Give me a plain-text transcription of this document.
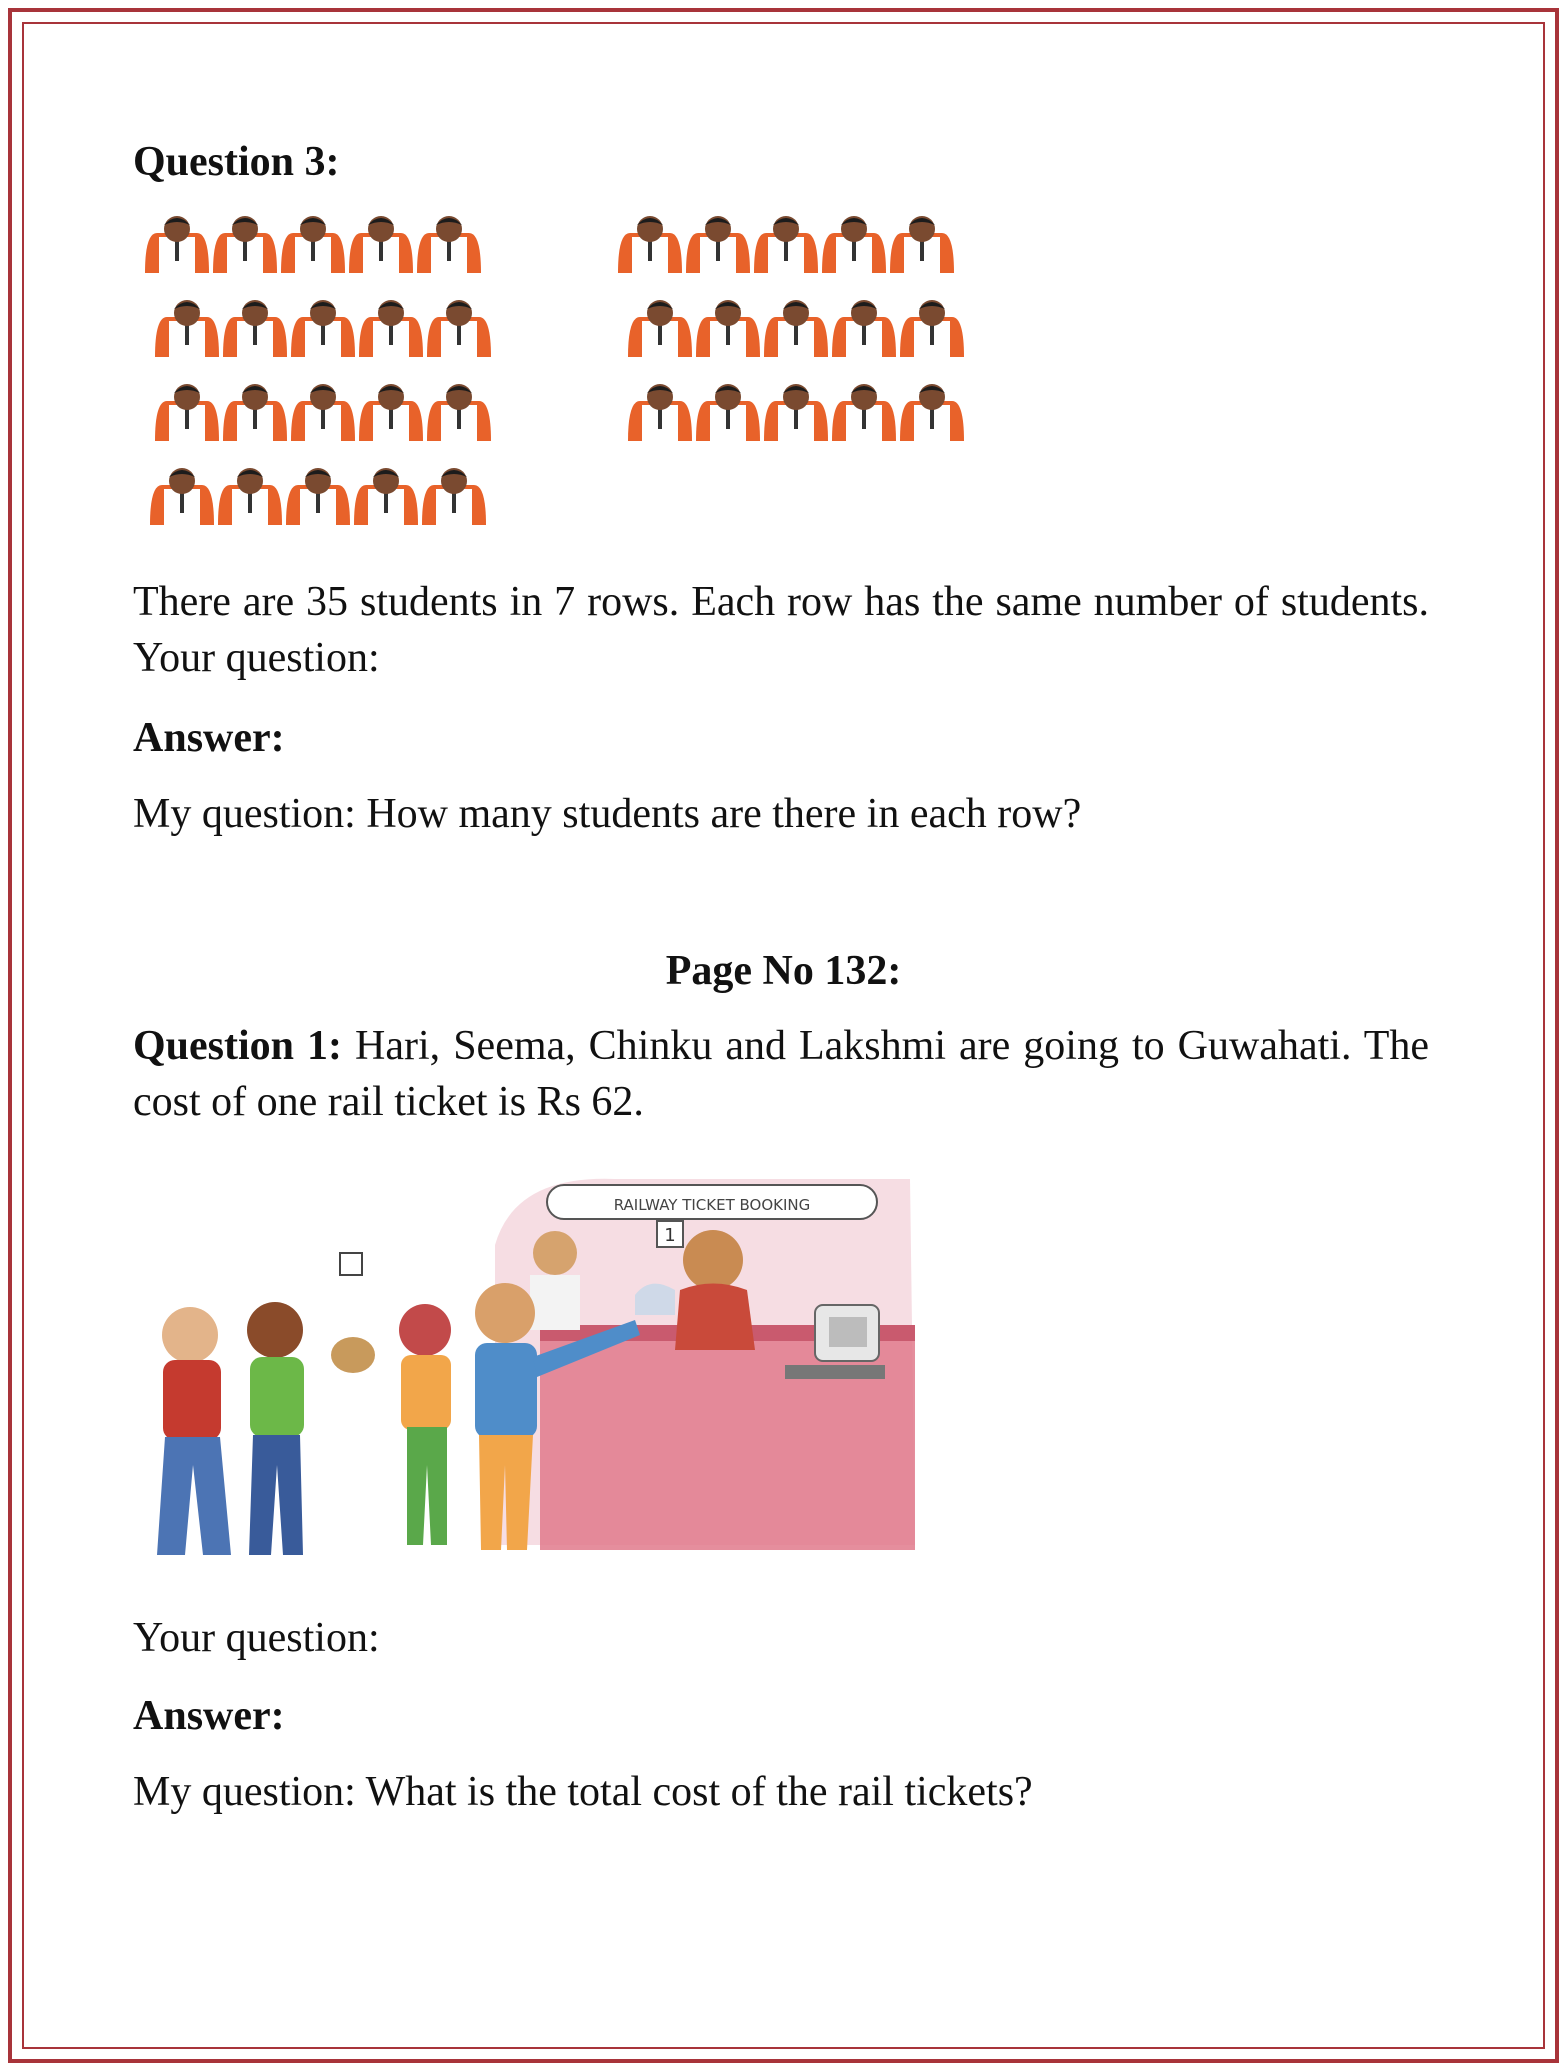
Question 3:
There are 35 students in 7 rows. Each row has the same number of students. Your question:
Answer:
My question: How many students are there in each row?
Page No 132:
Question 1: Hari, Seema, Chinku and Lakshmi are going to Guwahati. The cost of one rail ticket is Rs 62.
RAILWAY TICKET BOOKING
1
Your question:
Answer:
My question: What is the total cost of the rail tickets?
